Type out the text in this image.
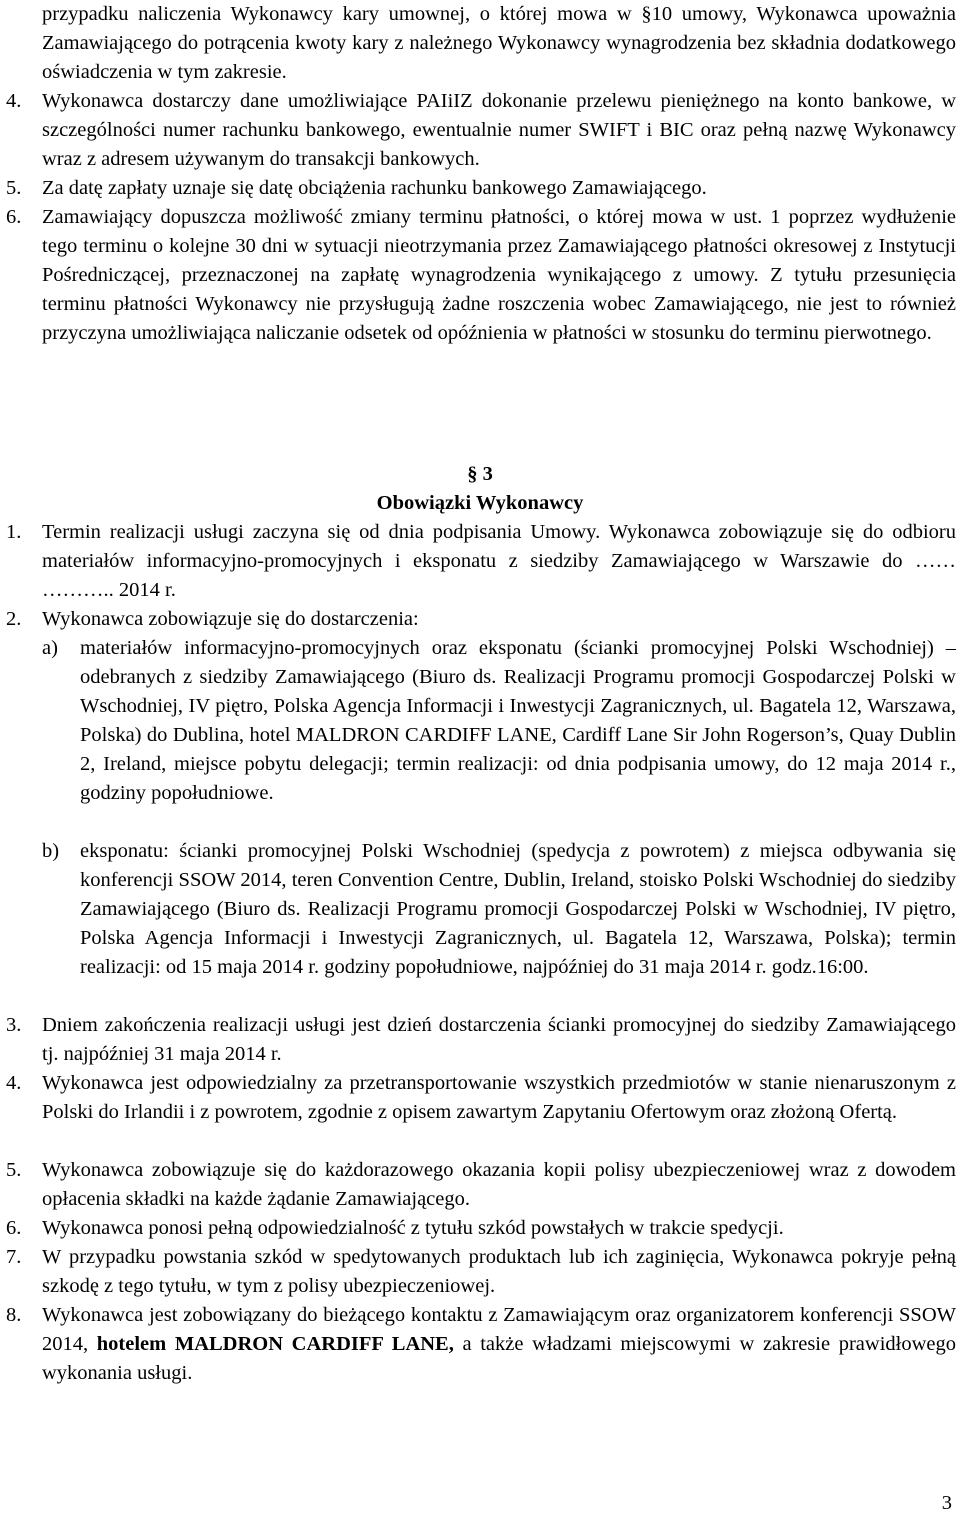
przypadku naliczenia Wykonawcy kary umownej, o której mowa w §10 umowy, Wykonawca upoważnia Zamawiającego do potrącenia kwoty kary z należnego Wykonawcy wynagrodzenia bez składnia dodatkowego oświadczenia w tym zakresie.
4.	Wykonawca dostarczy dane umożliwiające PAIiIZ dokonanie przelewu pieniężnego na konto bankowe, w szczególności numer rachunku bankowego, ewentualnie numer SWIFT i BIC oraz pełną nazwę Wykonawcy wraz z adresem używanym do transakcji bankowych.
5.	Za datę zapłaty uznaje się datę obciążenia rachunku bankowego Zamawiającego.
6.	Zamawiający dopuszcza możliwość zmiany terminu płatności, o której mowa w ust. 1 poprzez wydłużenie tego terminu o kolejne 30 dni w sytuacji nieotrzymania przez Zamawiającego płatności okresowej z Instytucji Pośredniczącej, przeznaczonej na zapłatę wynagrodzenia wynikającego z umowy. Z tytułu przesunięcia terminu płatności Wykonawcy nie przysługują żadne roszczenia wobec Zamawiającego, nie jest to również przyczyna umożliwiająca naliczanie odsetek od opóźnienia w płatności w stosunku do terminu pierwotnego.
§ 3
Obowiązki Wykonawcy
1.	Termin realizacji usługi zaczyna się od dnia podpisania Umowy. Wykonawca zobowiązuje się do odbioru materiałów informacyjno-promocyjnych i eksponatu z siedziby Zamawiającego w Warszawie do …… ……….. 2014 r.
2.	Wykonawca zobowiązuje się do dostarczenia:
a)	materiałów informacyjno-promocyjnych oraz eksponatu (ścianki promocyjnej Polski Wschodniej) – odebranych z siedziby Zamawiającego (Biuro ds. Realizacji Programu promocji Gospodarczej Polski w Wschodniej, IV piętro, Polska Agencja Informacji i Inwestycji Zagranicznych, ul. Bagatela 12, Warszawa, Polska) do Dublina, hotel MALDRON CARDIFF LANE, Cardiff Lane Sir John Rogerson’s, Quay Dublin 2, Ireland, miejsce pobytu delegacji; termin realizacji: od dnia podpisania umowy, do 12 maja 2014 r., godziny popołudniowe.
b)	eksponatu: ścianki promocyjnej Polski Wschodniej (spedycja z powrotem) z miejsca odbywania się konferencji SSOW 2014, teren Convention Centre, Dublin, Ireland, stoisko Polski Wschodniej do siedziby Zamawiającego (Biuro ds. Realizacji Programu promocji Gospodarczej Polski w Wschodniej, IV piętro, Polska Agencja Informacji i Inwestycji Zagranicznych, ul. Bagatela 12, Warszawa, Polska); termin realizacji: od 15 maja 2014 r. godziny popołudniowe, najpóźniej do 31 maja 2014 r. godz.16:00.
3.	Dniem zakończenia realizacji usługi jest dzień dostarczenia ścianki promocyjnej do siedziby Zamawiającego tj. najpóźniej 31 maja 2014 r.
4.	Wykonawca jest odpowiedzialny za przetransportowanie wszystkich przedmiotów w stanie nienaruszonym z Polski do Irlandii i z powrotem, zgodnie z opisem zawartym Zapytaniu Ofertowym oraz złożoną Ofertą.
5.	Wykonawca zobowiązuje się do każdorazowego okazania kopii polisy ubezpieczeniowej wraz z dowodem opłacenia składki na każde żądanie Zamawiającego.
6.	Wykonawca ponosi pełną odpowiedzialność z tytułu szkód powstałych w trakcie spedycji.
7.	W przypadku powstania szkód w spedytowanych produktach lub ich zaginięcia, Wykonawca pokryje pełną szkodę z tego tytułu, w tym z polisy ubezpieczeniowej.
8.	Wykonawca jest zobowiązany do bieżącego kontaktu z Zamawiającym oraz organizatorem konferencji SSOW 2014, hotelem MALDRON CARDIFF LANE, a także władzami miejscowymi w zakresie prawidłowego wykonania usługi.
3
